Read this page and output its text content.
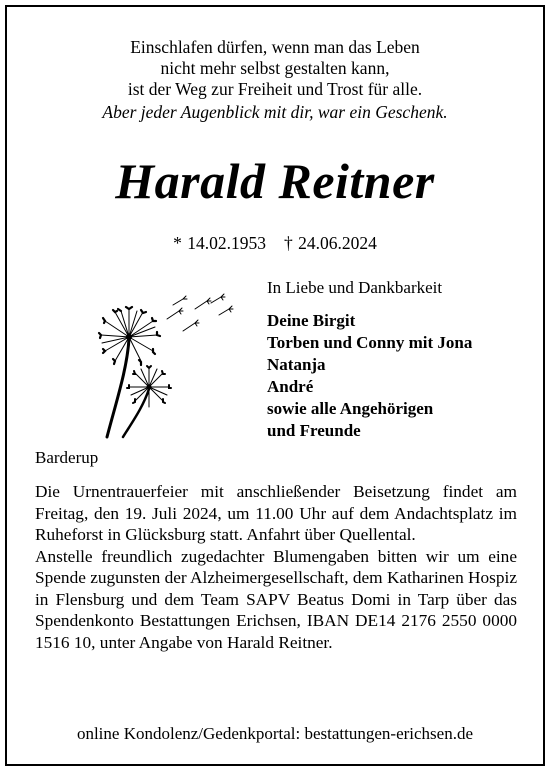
Einschlafen dürfen, wenn man das Leben
nicht mehr selbst gestalten kann,
ist der Weg zur Freiheit und Trost für alle.
Aber jeder Augenblick mit dir, war ein Geschenk.
Harald Reitner
* 14.02.1953 † 24.06.2024
In Liebe und Dankbarkeit
Deine Birgit
Torben und Conny mit Jona
Natanja
André
sowie alle Angehörigen
und Freunde
Barderup

Die Urnentrauerfeier mit anschließender Beisetzung findet am Freitag, den 19. Juli 2024, um 11.00 Uhr auf dem Andachtsplatz im Ruheforst in Glücksburg statt. Anfahrt über Quellental.

Anstelle freundlich zugedachter Blumengaben bitten wir um eine Spende zugunsten der Alzheimergesellschaft, dem Katharinen Hospiz in Flensburg und dem Team SAPV Beatus Domi in Tarp über das Spendenkonto Bestattungen Erichsen, IBAN DE14 2176 2550 0000 1516 10, unter Angabe von Harald Reitner.

online Kondolenz/Gedenkportal: bestattungen-erichsen.de
